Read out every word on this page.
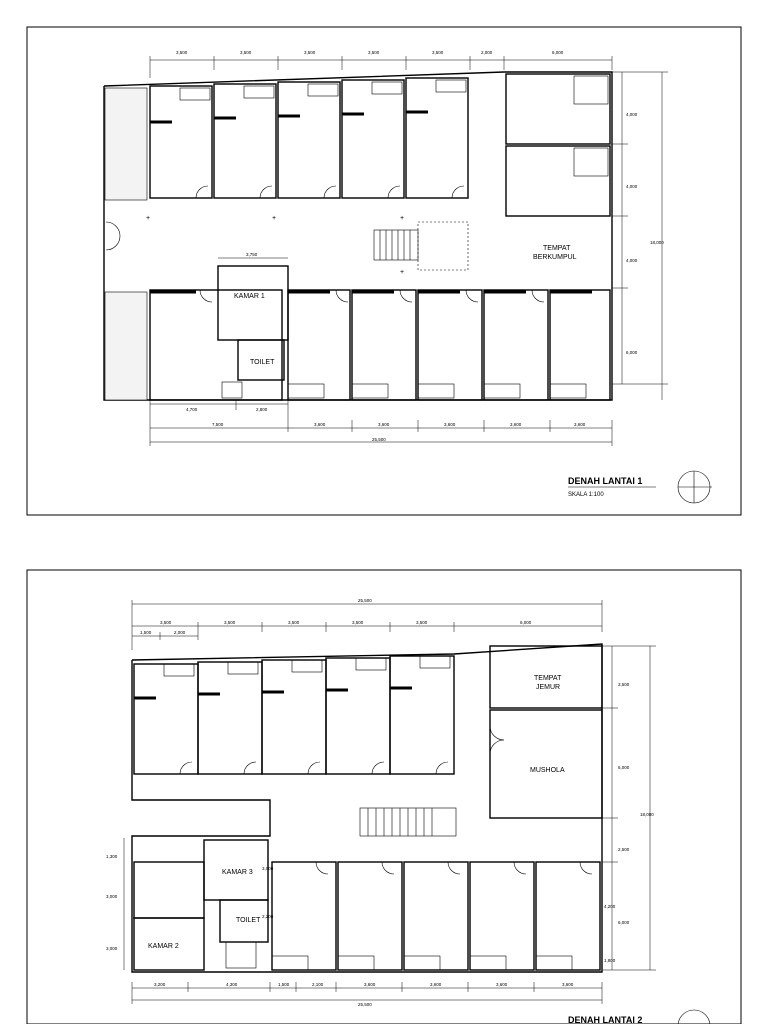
3,500	3,500	3,500	3,500	3,500	2,000	6,000
4,000
4,000
4,000
6,000
18,000
+	+	+
+
KAMAR 1
TOILET
TEMPAT
BERKUMPUL
3,750
4,700	2,800
7,500	3,600	3,600	3,600	3,600	3,600
25,500
DENAH LANTAI 1
SKALA 1:100
25,500
3,500	3,500	3,500	3,500	3,500	6,000
1,500	2,000
3,500
6,000
2,500
6,000
18,000
4,200
1,800
1,300
3,000
3,000
TEMPAT
JEMUR
MUSHOLA
KAMAR 3
KAMAR 2
TOILET
3,000
2,200
3,200	4,300	1,500	2,100	3,600	3,600	3,600	3,600
25,500
DENAH LANTAI 2
